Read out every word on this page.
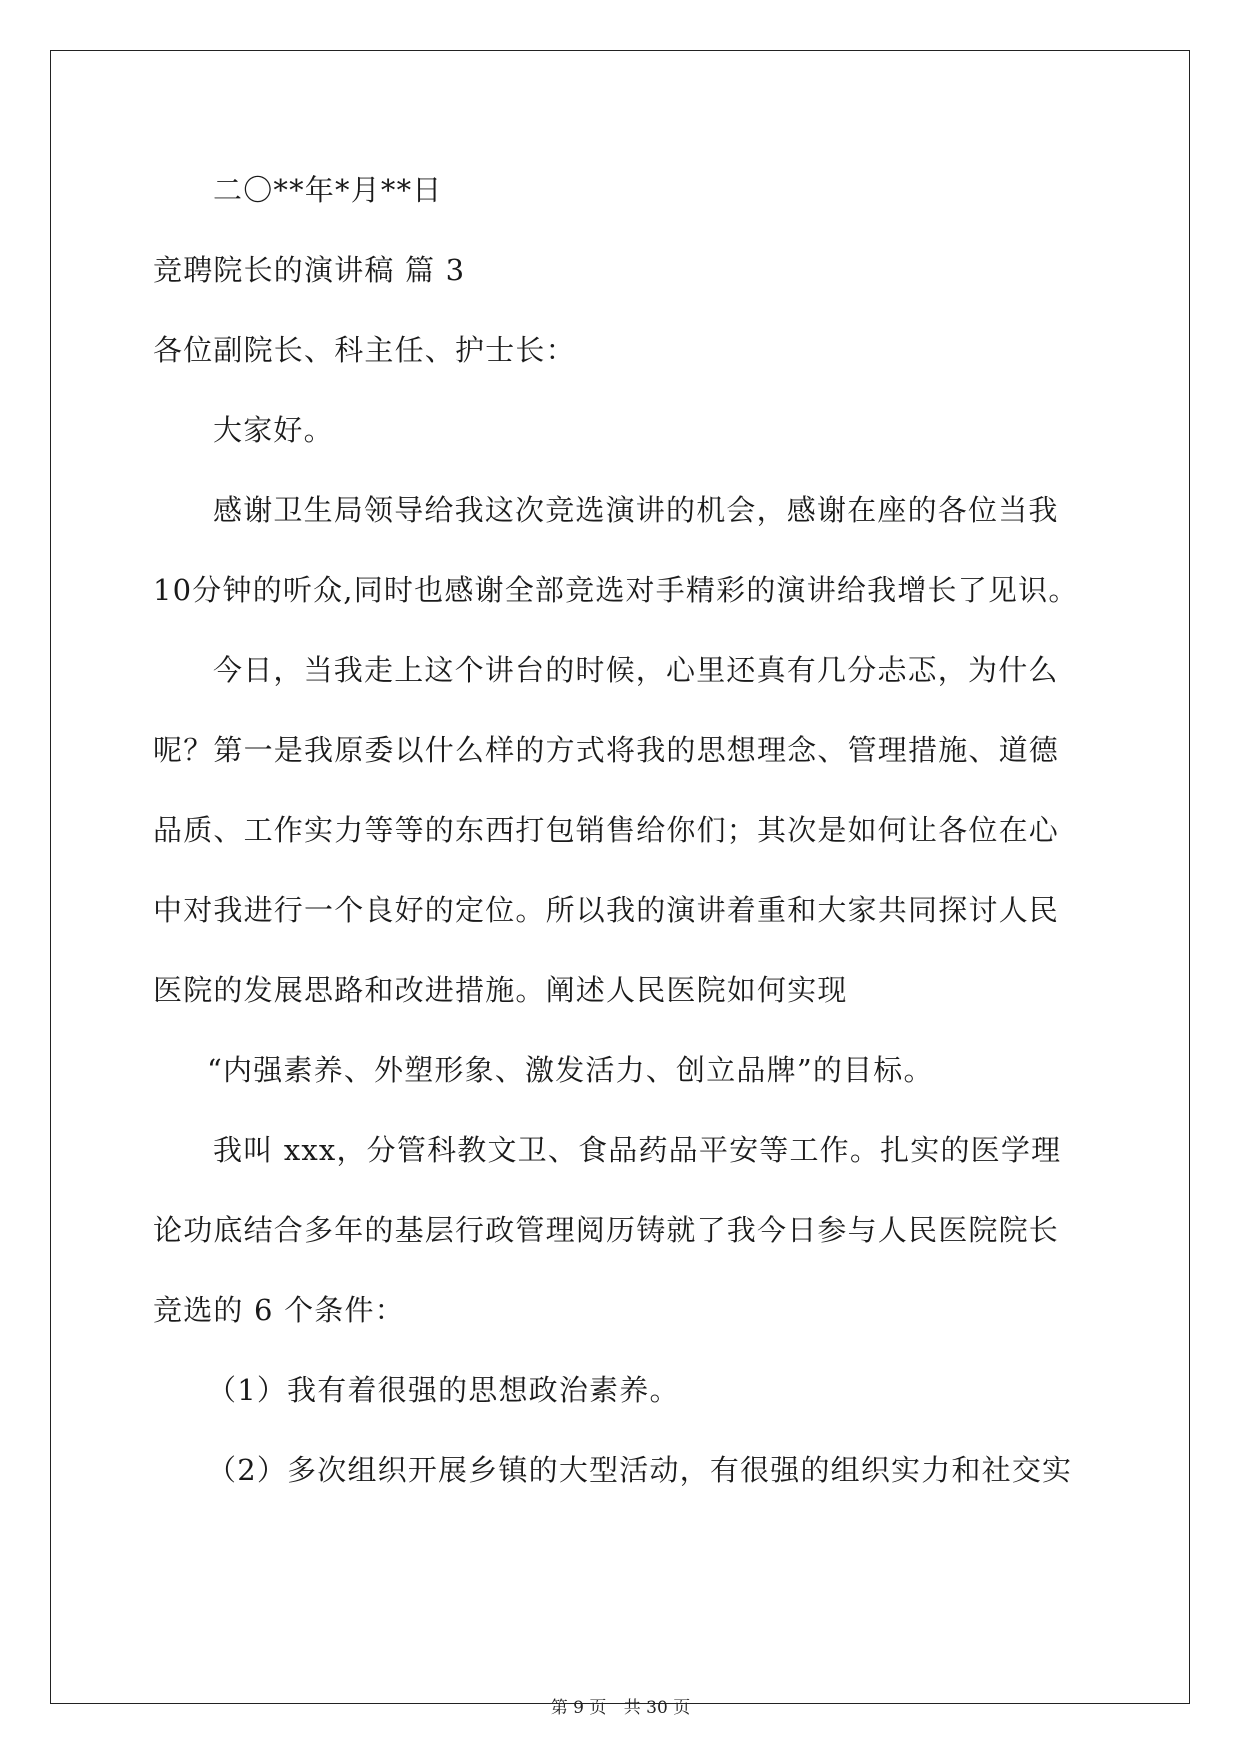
二〇**年*月**日

竞聘院长的演讲稿 篇 3

各位副院长、科主任、护士长：

大家好。

感谢卫生局领导给我这次竞选演讲的机会，感谢在座的各位当我

10分钟的听众,同时也感谢全部竞选对手精彩的演讲给我增长了见识。

今日，当我走上这个讲台的时候，心里还真有几分忐忑，为什么

呢？第一是我原委以什么样的方式将我的思想理念、管理措施、道德

品质、工作实力等等的东西打包销售给你们；其次是如何让各位在心

中对我进行一个良好的定位。所以我的演讲着重和大家共同探讨人民

医院的发展思路和改进措施。阐述人民医院如何实现

“内强素养、外塑形象、激发活力、创立品牌”的目标。

我叫 xxx，分管科教文卫、食品药品平安等工作。扎实的医学理

论功底结合多年的基层行政管理阅历铸就了我今日参与人民医院院长

竞选的 6 个条件：

（1）我有着很强的思想政治素养。

（2）多次组织开展乡镇的大型活动，有很强的组织实力和社交实

第 9 页 共 30 页
